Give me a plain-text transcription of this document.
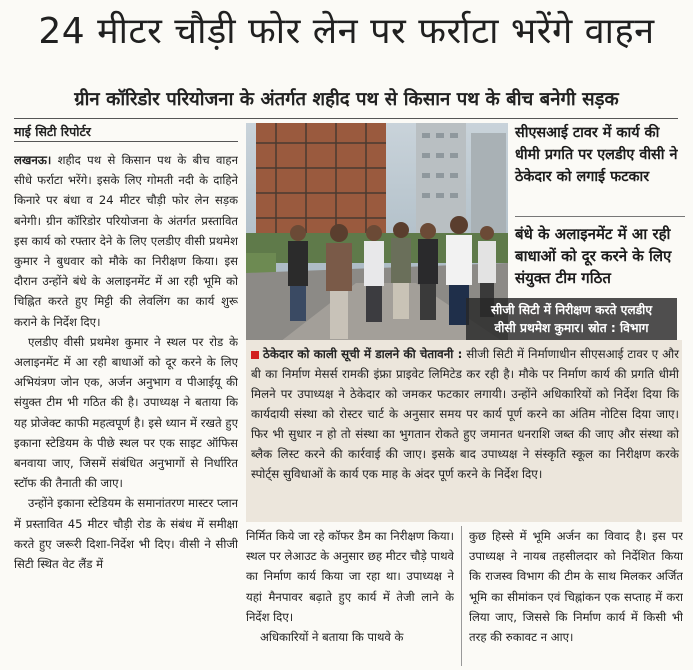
24 मीटर चौड़ी फोर लेन पर फर्राटा भरेंगे वाहन
ग्रीन कॉरिडोर परियोजना के अंतर्गत शहीद पथ से किसान पथ के बीच बनेगी सड़क
माई सिटी रिपोर्टर

लखनऊ। शहीद पथ से किसान पथ के बीच वाहन सीधे फर्राटा भरेंगे। इसके लिए गोमती नदी के दाहिने किनारे पर बंधा व 24 मीटर चौड़ी फोर लेन सड़क बनेगी। ग्रीन कॉरिडोर परियोजना के अंतर्गत प्रस्तावित इस कार्य को रफ्तार देने के लिए एलडीए वीसी प्रथमेश कुमार ने बुधवार को मौके का निरीक्षण किया। इस दौरान उन्होंने बंधे के अलाइनमेंट में आ रही भूमि को चिह्नित करते हुए मिट्टी की लेवलिंग का कार्य शुरू कराने के निर्देश दिए।

एलडीए वीसी प्रथमेश कुमार ने स्थल पर रोड के अलाइनमेंट में आ रही बाधाओं को दूर करने के लिए अभियंत्रण जोन एक, अर्जन अनुभाग व पीआईयू की संयुक्त टीम भी गठित की है। उपाध्यक्ष ने बताया कि यह प्रोजेक्ट काफी महत्वपूर्ण है। इसे ध्यान में रखते हुए इकाना स्टेडियम के पीछे स्थल पर एक साइट ऑफिस बनवाया जाए, जिसमें संबंधित अनुभागों से निर्धारित स्टॉफ की तैनाती की जाए।

उन्होंने इकाना स्टेडियम के समानांतरण मास्टर प्लान में प्रस्तावित 45 मीटर चौड़ी रोड के संबंध में समीक्षा करते हुए जरूरी दिशा-निर्देश भी दिए। वीसी ने सीजी सिटी स्थित वेट लैंड में

सीजी सिटी में निरीक्षण करते एलडीए
वीसी प्रथमेश कुमार। स्रोत : विभाग
सीएसआई टावर में कार्य की धीमी प्रगति पर एलडीए वीसी ने ठेकेदार को लगाई फटकार
बंधे के अलाइनमेंट में आ रही बाधाओं को दूर करने के लिए संयुक्त टीम गठित
ठेकेदार को काली सूची में डालने की चेतावनी : सीजी सिटी में निर्माणाधीन सीएसआई टावर ए और बी का निर्माण मेसर्स रामकी इंफ्रा प्राइवेट लिमिटेड कर रही है। मौके पर निर्माण कार्य की प्रगति धीमी मिलने पर उपाध्यक्ष ने ठेकेदार को जमकर फटकार लगायी। उन्होंने अधिकारियों को निर्देश दिया कि कार्यदायी संस्था को रोस्टर चार्ट के अनुसार समय पर कार्य पूर्ण करने का अंतिम नोटिस दिया जाए। फिर भी सुधार न हो तो संस्था का भुगतान रोकते हुए जमानत धनराशि जब्त की जाए और संस्था को ब्लैक लिस्ट करने की कार्रवाई की जाए। इसके बाद उपाध्यक्ष ने संस्कृति स्कूल का निरीक्षण करके स्पोर्ट्स सुविधाओं के कार्य एक माह के अंदर पूर्ण करने के निर्देश दिए।

निर्मित किये जा रहे कॉफर डैम का निरीक्षण किया। स्थल पर लेआउट के अनुसार छह मीटर चौड़े पाथवे का निर्माण कार्य किया जा रहा था। उपाध्यक्ष ने यहां मैनपावर बढ़ाते हुए कार्य में तेजी लाने के निर्देश दिए।

अधिकारियों ने बताया कि पाथवे के

कुछ हिस्से में भूमि अर्जन का विवाद है। इस पर उपाध्यक्ष ने नायब तहसीलदार को निर्देशित किया कि राजस्व विभाग की टीम के साथ मिलकर अर्जित भूमि का सीमांकन एवं चिह्नांकन एक सप्ताह में करा लिया जाए, जिससे कि निर्माण कार्य में किसी भी तरह की रुकावट न आए।
